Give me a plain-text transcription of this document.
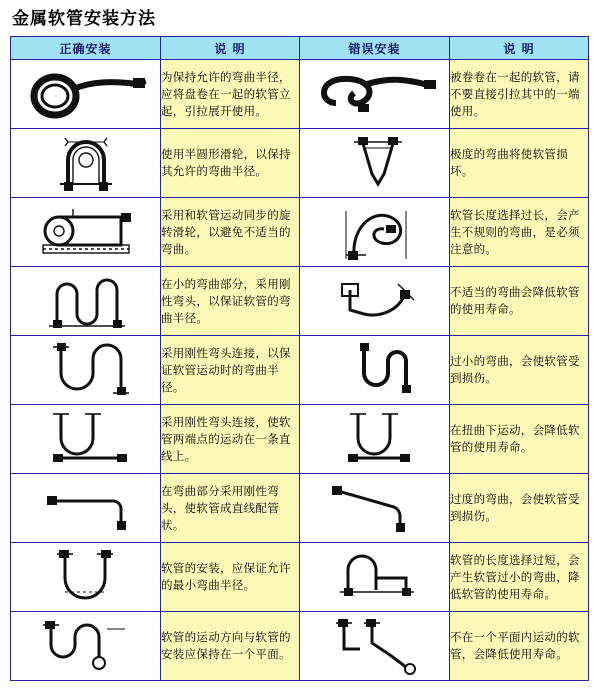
金属软管安装方法
正确安装	说 明	错误安装	说 明

	为保持允许的弯曲半径，应将盘卷在一起的软管立起，引拉展开使用。		被卷卷在一起的软管，请不要直接引拉其中的一端使用。

	使用半圆形滑轮，以保持其允许的弯曲半径。		极度的弯曲将使软管损坏。

	采用和软管运动同步的旋转滑轮，以避免不适当的弯曲。		软管长度选择过长，会产生不规则的弯曲，是必须注意的。

	在小的弯曲部分，采用刚性弯头，以保证软管的弯曲半径。		不适当的弯曲会降低软管的使用寿命。

	采用刚性弯头连接，以保证软管运动时的弯曲半径。		过小的弯曲，会使软管受到损伤。

	采用刚性弯头连接，使软管两端点的运动在一条直线上。		在扭曲下运动，会降低软管的使用寿命。

	在弯曲部分采用刚性弯头，使软管成直线配管状。		过度的弯曲，会使软管受到损伤。

	软管的安装，应保证允许的最小弯曲半径。		软管的长度选择过短，会产生软管过小的弯曲，降低软管的使用寿命。

	软管的运动方向与软管的安装应保持在一个平面。		不在一个平面内运动的软管，会降低使用寿命。
